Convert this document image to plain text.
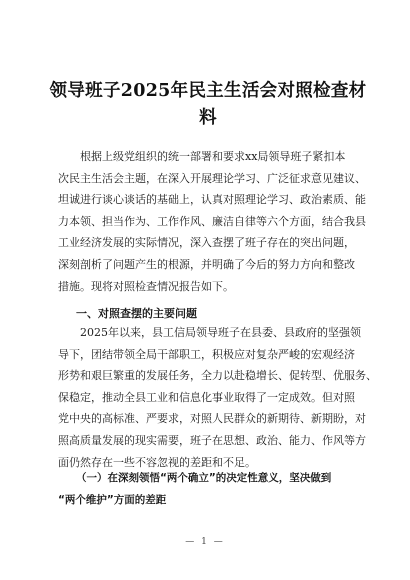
领导班子2025年民主生活会对照检查材
料
根据上级党组织的统一部署和要求xx局领导班子紧扣本
次民主生活会主题，在深入开展理论学习、广泛征求意见建议、
坦诚进行谈心谈话的基础上，认真对照理论学习、政治素质、能
力本领、担当作为、工作作风、廉洁自律等六个方面，结合我县
工业经济发展的实际情况，深入查摆了班子存在的突出问题，
深刻剖析了问题产生的根源，并明确了今后的努力方向和整改
措施。现将对照检查情况报告如下。
一、对照查摆的主要问题
2025年以来，县工信局领导班子在县委、县政府的坚强领
导下，团结带领全局干部职工，积极应对复杂严峻的宏观经济
形势和艰巨繁重的发展任务，全力以赴稳增长、促转型、优服务、
保稳定，推动全县工业和信息化事业取得了一定成效。但对照
党中央的高标准、严要求，对照人民群众的新期待、新期盼，对
照高质量发展的现实需要，班子在思想、政治、能力、作风等方
面仍然存在一些不容忽视的差距和不足。
（一）在深刻领悟“两个确立”的决定性意义，坚决做到
“两个维护”方面的差距
— 1 —
